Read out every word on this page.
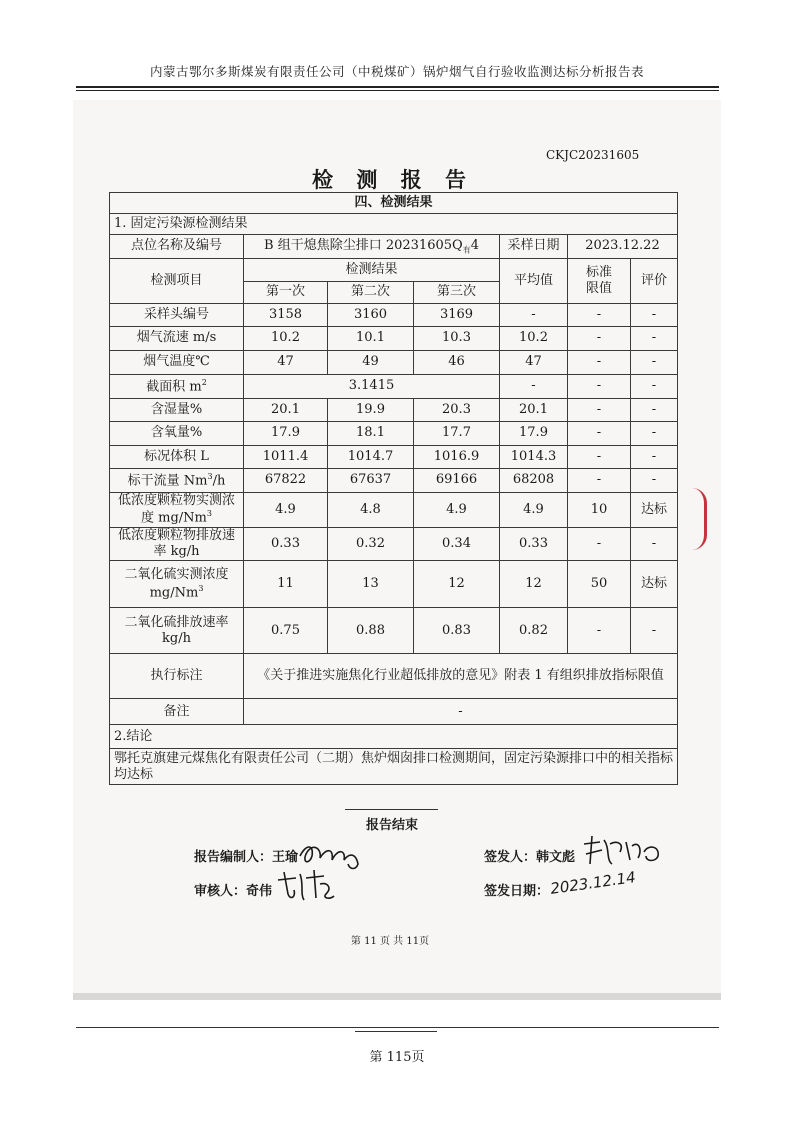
内蒙古鄂尔多斯煤炭有限责任公司（中税煤矿）锅炉烟气自行验收监测达标分析报告表
CKJC20231605
检 测 报 告
四、检测结果						
1. 固定污染源检测结果						
点位名称及编号	B 组干熄焦除尘排口 $20231605Q_有4$			采样日期	2023.12.22	
检测项目	检测结果			平均值	标准限值	评价
	第一次	第二次	第三次			
采样头编号	3158	3160	3169	-	-	-
烟气流速 m/s	10.2	10.1	10.3	10.2	-	-
烟气温度℃	47	49	46	47	-	-
截面积 $m^2$	3.1415			-	-	-
含湿量%	20.1	19.9	20.3	20.1	-	-
含氧量%	17.9	18.1	17.7	17.9	-	-
标况体积 L	1011.4	1014.7	1016.9	1014.3	-	-
标干流量 Nm$^3$/h	67822	67637	69166	68208	-	-
低浓度颗粒物实测浓
度 mg/Nm$^3$	4.9	4.8	4.9	4.9	10	达标
低浓度颗粒物排放速
率 kg/h	0.33	0.32	0.34	0.33	-	-
二氧化硫实测浓度
mg/Nm$^3$	11	13	12	12	50	达标
二氧化硫排放速率
kg/h	0.75	0.88	0.83	0.82	-	-
执行标注	《关于推进实施焦化行业超低排放的意见》附表 1 有组织排放指标限值					
备注	-					
2.结论						
鄂托克旗建元煤焦化有限责任公司（二期）焦炉烟囱排口检测期间，固定污染源排口中的相关指标均达标						
报告结束
报告编制人：王瑜
审核人：奇伟
签发人：韩文彪
签发日期： 2023.12.14
第 11 页 共 11页
第 115页
